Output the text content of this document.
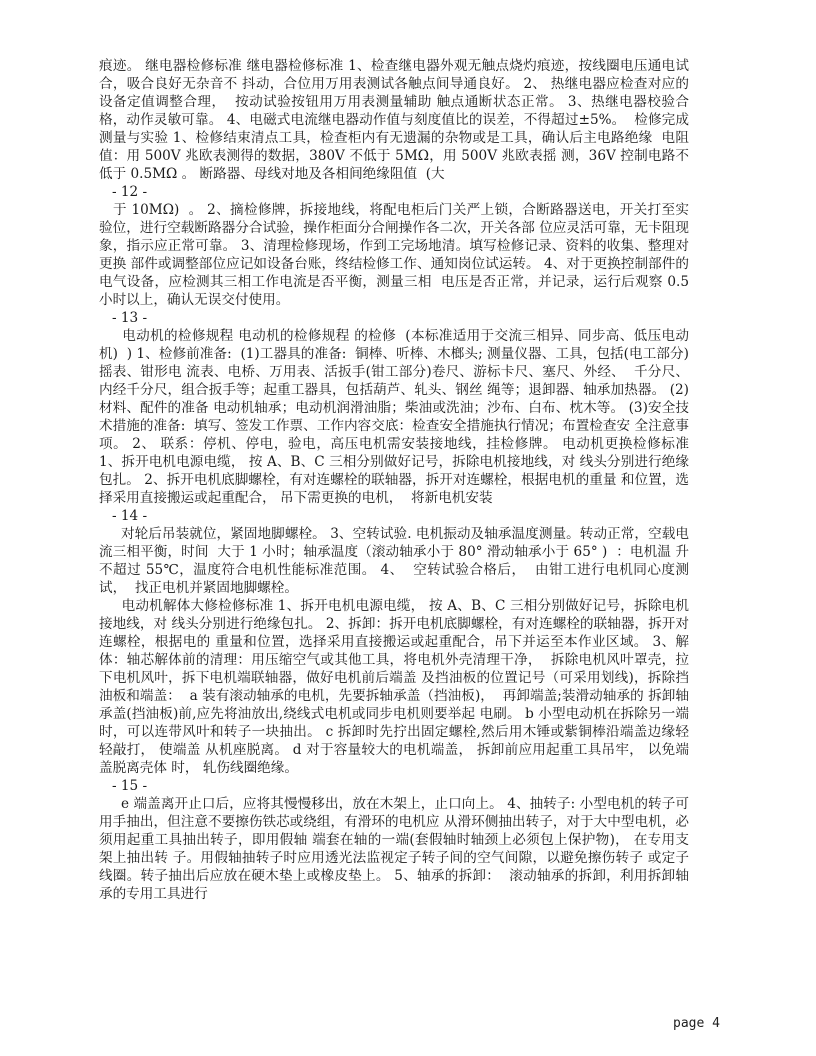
痕迹。 继电器检修标准 继电器检修标准 1、检查继电器外观无触点烧灼痕迹，按线圈电压通电试合，吸合良好无杂音不 抖动，合位用万用表测试各触点间导通良好。 2、 热继电器应检查对应的设备定值调整合理，  按动试验按钮用万用表测量辅助 触点通断状态正常。 3、热继电器校验合格，动作灵敏可靠。 4、电磁式电流继电器动作值与刻度值比的误差，不得超过±5%。  检修完成测量与实验 1、检修结束清点工具，检查柜内有无遗漏的杂物或是工具，确认后主电路绝缘  电阻值：用 500V 兆欧表测得的数据，380V 不低于 5MΩ，用 500V 兆欧表摇 测，36V 控制电路不低于 0.5MΩ 。 断路器、母线对地及各相间绝缘阻值  (大

- 12 -

于 10MΩ)  。 2、摘检修牌，拆接地线，将配电柜后门关严上锁，合断路器送电，开关打至实 验位，进行空载断路器分合试验，操作柜面分合闸操作各二次，开关各部 位应灵活可靠，无卡阻现象，指示应正常可靠。 3、清理检修现场，作到工完场地清。填写检修记录、资料的收集、整理对更换 部件或调整部位应记如设备台账，终结检修工作、通知岗位试运转。 4、对于更换控制部件的电气设备，应检测其三相工作电流是否平衡，测量三相  电压是否正常，并记录，运行后观察 0.5 小时以上，确认无误交付使用。

- 13 -

电动机的检修规程 电动机的检修规程 的检修  (本标准适用于交流三相异、同步高、低压电动机)  ) 1、检修前准备:  (1)工器具的准备:  铜棒、听棒、木榔头; 测量仪器、工具，包括(电工部分)摇表、钳形电 流表、电桥、万用表、活扳手(钳工部分)卷尺、游标卡尺、塞尺、外经、  千分尺、内经千分尺，组合扳手等；起重工器具，包括葫芦、轧头、钢丝 绳等；退卸器、轴承加热器。 (2)材料、配件的准备 电动机轴承；电动机润滑油脂；柴油或洗油；沙布、白布、枕木等。 (3)安全技术措施的准备:  填写、签发工作票、工作内容交底：检查安全措施执行情况；布置检查安 全注意事项。 2、 联系：停机、停电，验电，高压电机需安装接地线，挂检修牌。 电动机更换检修标准 1、拆开电机电源电缆， 按 A、B、C 三相分别做好记号，拆除电机接地线，对 线头分别进行绝缘包扎。 2、拆开电机底脚螺栓，有对连螺栓的联轴器，拆开对连螺栓，根据电机的重量 和位置，选择采用直接搬运或起重配合， 吊下需更换的电机，  将新电机安装

- 14 -

对轮后吊装就位，紧固地脚螺栓。 3、空转试验. 电机振动及轴承温度测量。转动正常，空载电流三相平衡，时间  大于 1 小时；轴承温度（滚动轴承小于 80° 滑动轴承小于 65° )  ：电机温 升不超过 55℃，温度符合电机性能标准范围。 4、  空转试验合格后，  由钳工进行电机同心度测试，  找正电机并紧固地脚螺栓。

电动机解体大修检修标准 1、拆开电机电源电缆， 按 A、B、C 三相分别做好记号，拆除电机接地线，对 线头分别进行绝缘包扎。 2、拆卸：拆开电机底脚螺栓，有对连螺栓的联轴器，拆开对连螺栓，根据电的 重量和位置，选择采用直接搬运或起重配合，吊下并运至本作业区域。 3、解体：轴芯解体前的清理：用压缩空气或其他工具，将电机外壳清理干净，  拆除电机风叶罩壳，拉下电机风叶，拆下电机端联轴器，做好电机前后端盖 及挡油板的位置记号（可采用划线)，拆除挡油板和端盖：  a 装有滚动轴承的电机，先要拆轴承盖（挡油板)，  再卸端盖;装滑动轴承的 拆卸轴承盖(挡油板)前,应先将油放出,绕线式电机或同步电机则要举起 电刷。 b 小型电动机在拆除另一端时，可以连带风叶和转子一块抽出。 c 拆卸时先拧出固定螺栓,然后用木锤或紫铜棒沿端盖边缘轻轻敲打， 使端盖 从机座脱离。 d 对于容量较大的电机端盖， 拆卸前应用起重工具吊牢， 以免端盖脱离壳体 时， 轧伤线圈绝缘。

- 15 -

e 端盖离开止口后，应将其慢慢移出，放在木架上，止口向上。 4、抽转子: 小型电机的转子可用手抽出，但注意不要擦伤铁芯或绕组，有滑环的电机应 从滑环侧抽出转子，对于大中型电机，必须用起重工具抽出转子，即用假轴 端套在轴的一端(套假轴时轴颈上必须包上保护物)， 在专用支架上抽出转 子。用假轴抽转子时应用透光法监视定子转子间的空气间隙，以避免擦伤转子 或定子线圈。转子抽出后应放在硬木垫上或橡皮垫上。 5、轴承的拆卸：  滚动轴承的拆卸，利用拆卸轴承的专用工具进行

page 4
